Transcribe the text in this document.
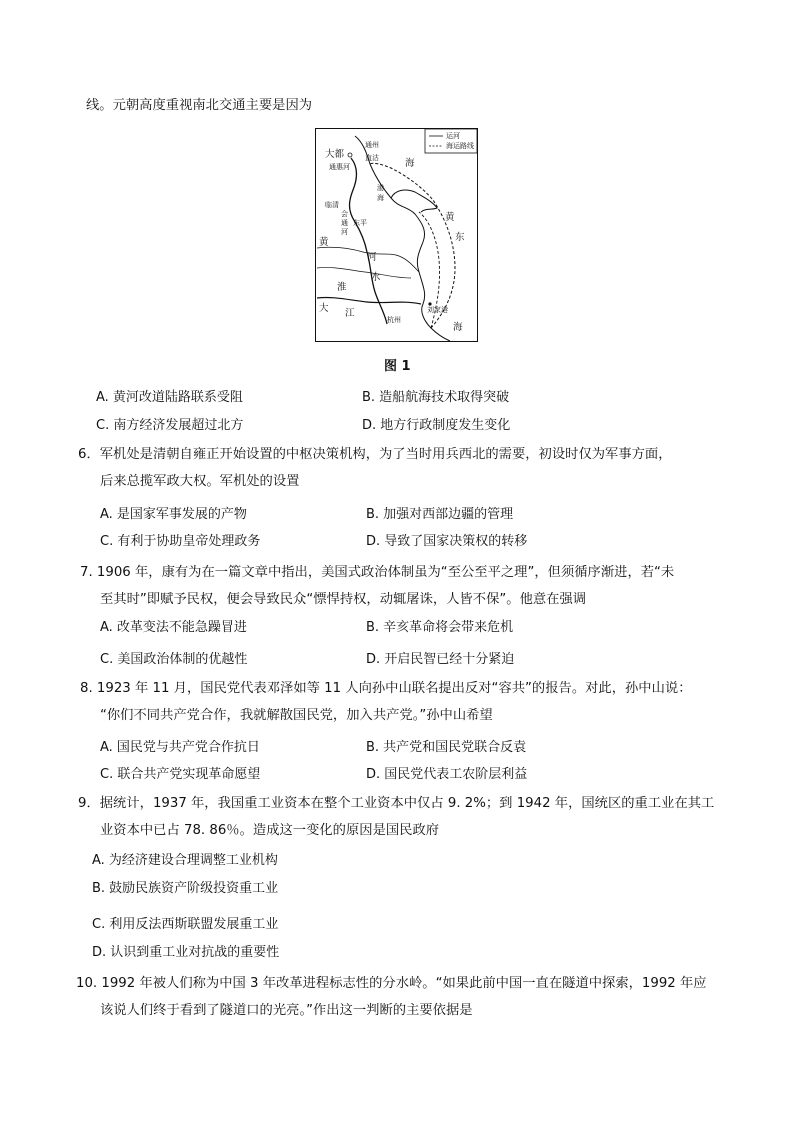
线。元朝高度重视南北交通主要是因为
运河
海运路线
大都
通州
直沽
通惠河	海
渤
海
临清
会
通
河
东平	黄
东
黄
河
水
淮
大 江	刘家港
杭州
海
图 1
A. 黄河改道陆路联系受阻	B. 造船航海技术取得突破
C. 南方经济发展超过北方	D. 地方行政制度发生变化
6．军机处是清朝自雍正开始设置的中枢决策机构，为了当时用兵西北的需要，初设时仅为军事方面，
后来总揽军政大权。军机处的设置
A. 是国家军事发展的产物	B. 加强对西部边疆的管理
C. 有利于协助皇帝处理政务	D. 导致了国家决策权的转移
7. 1906 年，康有为在一篇文章中指出，美国式政治体制虽为“至公至平之理”，但须循序渐进，若“未
至其时”即赋予民权，便会导致民众“慓悍持权，动辄屠诛，人皆不保”。他意在强调
A. 改革变法不能急躁冒进	B. 辛亥革命将会带来危机
C. 美国政治体制的优越性	D. 开启民智已经十分紧迫
8. 1923 年 11 月，国民党代表邓泽如等 11 人向孙中山联名提出反对“容共”的报告。对此，孙中山说：
“你们不同共产党合作，我就解散国民党，加入共产党。”孙中山希望
A. 国民党与共产党合作抗日	B. 共产党和国民党联合反袁
C. 联合共产党实现革命愿望	D. 国民党代表工农阶层利益
9．据统计，1937 年，我国重工业资本在整个工业资本中仅占 9. 2%；到 1942 年，国统区的重工业在其工
业资本中已占 78. 86％。造成这一变化的原因是国民政府
A. 为经济建设合理调整工业机构
B. 鼓励民族资产阶级投资重工业
C. 利用反法西斯联盟发展重工业
D. 认识到重工业对抗战的重要性
10. 1992 年被人们称为中国 3 年改革进程标志性的分水岭。“如果此前中国一直在隧道中探索，1992 年应
该说人们终于看到了隧道口的光亮。”作出这一判断的主要依据是
